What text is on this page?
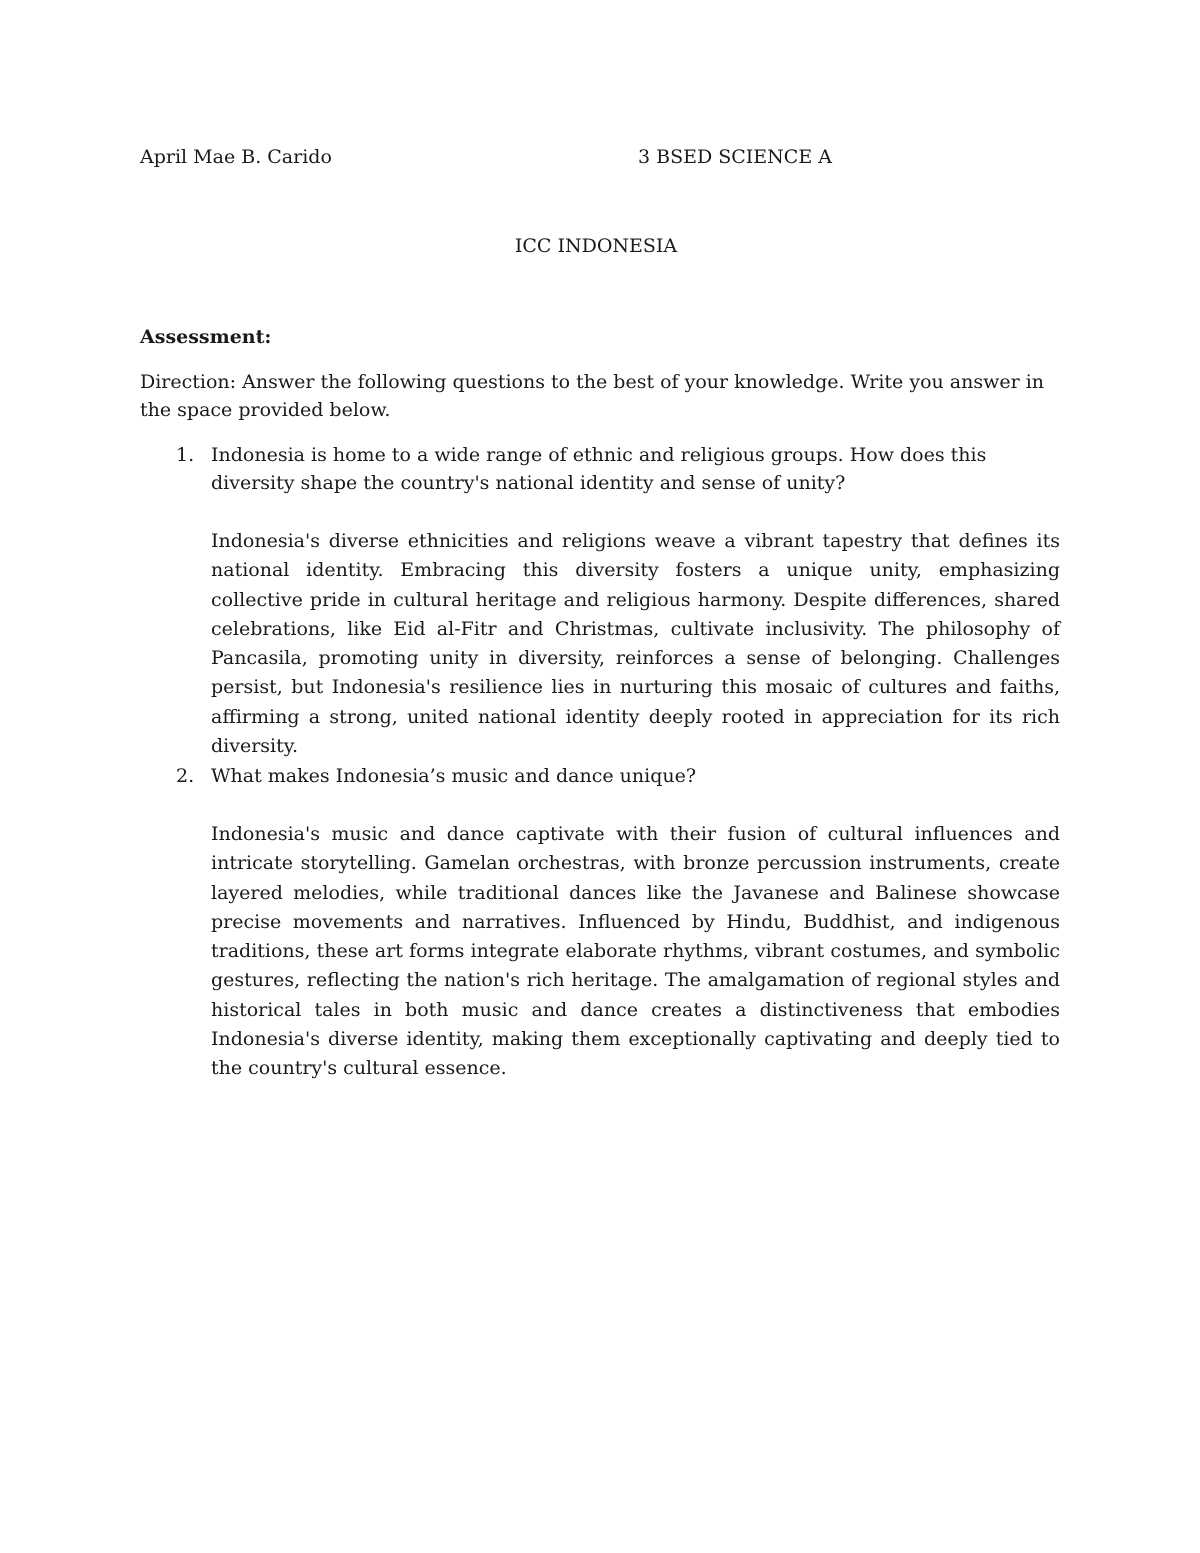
April Mae B. Carido	3 BSED SCIENCE A
ICC INDONESIA
Assessment:
Direction: Answer the following questions to the best of your knowledge. Write you answer in the space provided below.
1. Indonesia is home to a wide range of ethnic and religious groups. How does this diversity shape the country's national identity and sense of unity?
Indonesia's diverse ethnicities and religions weave a vibrant tapestry that defines its national identity. Embracing this diversity fosters a unique unity, emphasizing collective pride in cultural heritage and religious harmony. Despite differences, shared celebrations, like Eid al-Fitr and Christmas, cultivate inclusivity. The philosophy of Pancasila, promoting unity in diversity, reinforces a sense of belonging. Challenges persist, but Indonesia's resilience lies in nurturing this mosaic of cultures and faiths, affirming a strong, united national identity deeply rooted in appreciation for its rich diversity.
2. What makes Indonesia’s music and dance unique?
Indonesia's music and dance captivate with their fusion of cultural influences and intricate storytelling. Gamelan orchestras, with bronze percussion instruments, create layered melodies, while traditional dances like the Javanese and Balinese showcase precise movements and narratives. Influenced by Hindu, Buddhist, and indigenous traditions, these art forms integrate elaborate rhythms, vibrant costumes, and symbolic gestures, reflecting the nation's rich heritage. The amalgamation of regional styles and historical tales in both music and dance creates a distinctiveness that embodies Indonesia's diverse identity, making them exceptionally captivating and deeply tied to the country's cultural essence.
